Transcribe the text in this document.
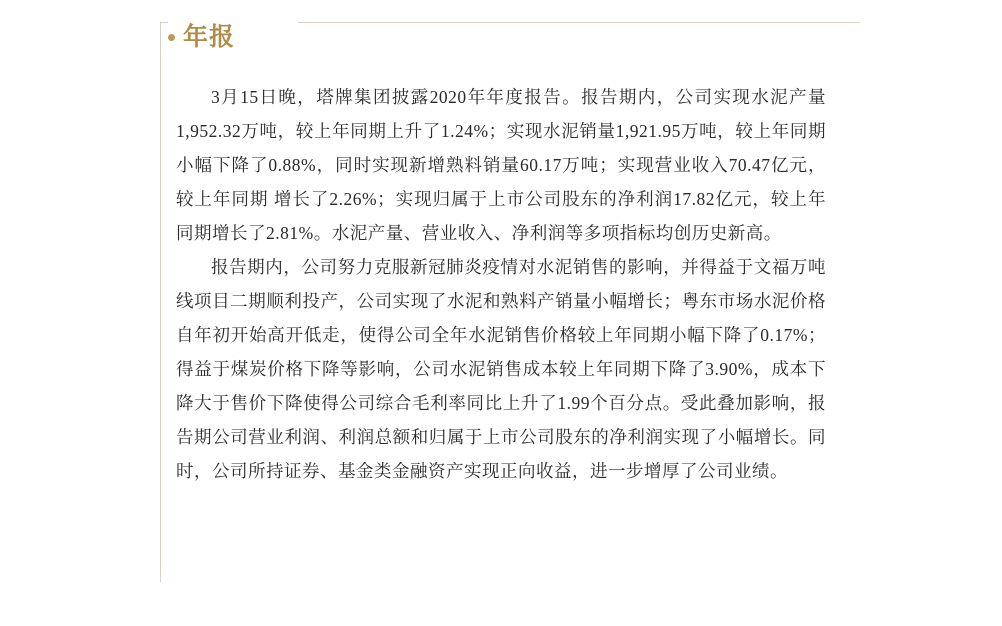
年报

3月15日晚，塔牌集团披露2020年年度报告。报告期内，公司实现水泥产量1,952.32万吨，较上年同期上升了1.24%；实现水泥销量1,921.95万吨，较上年同期小幅下降了0.88%，同时实现新增熟料销量60.17万吨；实现营业收入70.47亿元，较上年同期 增长了2.26%；实现归属于上市公司股东的净利润17.82亿元，较上年同期增长了2.81%。水泥产量、营业收入、净利润等多项指标均创历史新高。

报告期内，公司努力克服新冠肺炎疫情对水泥销售的影响，并得益于文福万吨线项目二期顺利投产，公司实现了水泥和熟料产销量小幅增长；粤东市场水泥价格自年初开始高开低走，使得公司全年水泥销售价格较上年同期小幅下降了0.17%；得益于煤炭价格下降等影响，公司水泥销售成本较上年同期下降了3.90%，成本下降大于售价下降使得公司综合毛利率同比上升了1.99个百分点。受此叠加影响，报告期公司营业利润、利润总额和归属于上市公司股东的净利润实现了小幅增长。同时，公司所持证券、基金类金融资产实现正向收益，进一步增厚了公司业绩。
